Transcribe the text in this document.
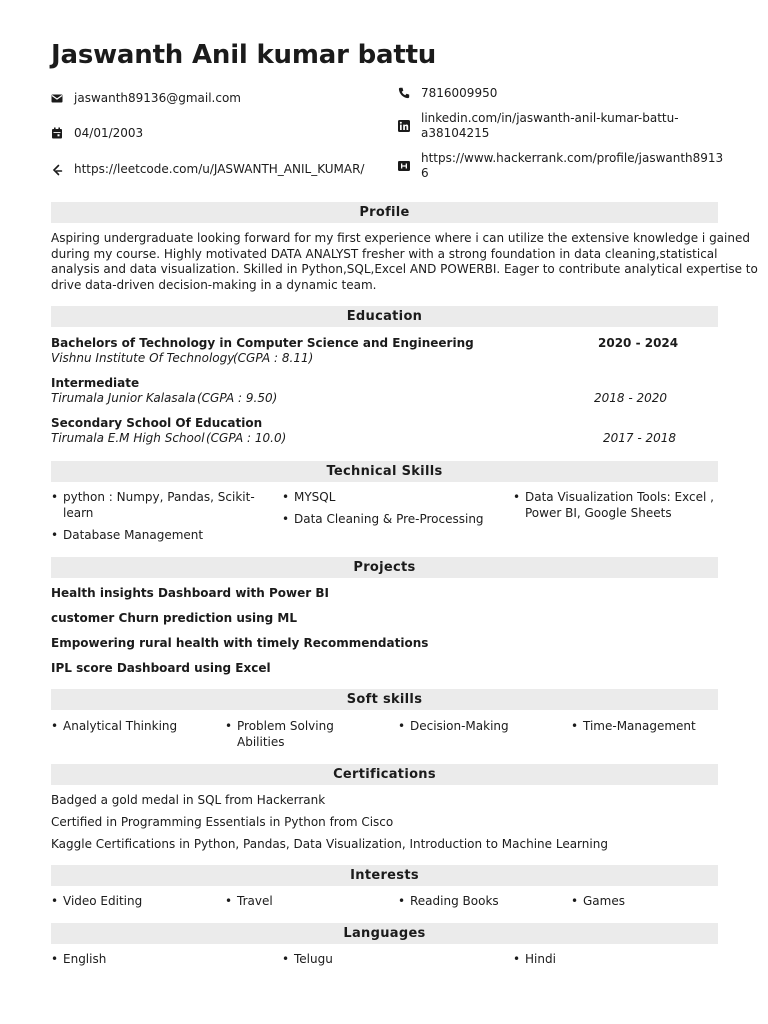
Jaswanth Anil kumar battu
jaswanth89136@gmail.com
04/01/2003
https://leetcode.com/u/JASWANTH_ANIL_KUMAR/
7816009950
linkedin.com/in/jaswanth-anil-kumar-battu-
a38104215
https://www.hackerrank.com/profile/jaswanth8913
6
Profile
Aspiring undergraduate looking forward for my first experience where i can utilize the extensive knowledge i gained
during my course. Highly motivated DATA ANALYST fresher with a strong foundation in data cleaning,statistical
analysis and data visualization. Skilled in Python,SQL,Excel AND POWERBI. Eager to contribute analytical expertise to
drive data-driven decision-making in a dynamic team.
Education
Bachelors of Technology in Computer Science and Engineering	2020 - 2024
Vishnu Institute Of Technology
(CGPA : 8.11)
Intermediate
Tirumala Junior Kalasala (CGPA : 9.50)	2018 - 2020
Secondary School Of Education
Tirumala E.M High School (CGPA : 10.0)	2017 - 2018
Technical Skills
• python : Numpy, Pandas, Scikit-
learn
• Database Management
• MYSQL
• Data Cleaning & Pre-Processing
• Data Visualization Tools: Excel ,
Power BI, Google Sheets
Projects
Health insights Dashboard with Power BI
customer Churn prediction using ML
Empowering rural health with timely Recommendations
IPL score Dashboard using Excel
Soft skills
• Analytical Thinking	• Problem Solving
Abilities
• Decision-Making	• Time-Management
Certifications
Badged a gold medal in SQL from Hackerrank
Certified in Programming Essentials in Python from Cisco
Kaggle Certifications in Python, Pandas, Data Visualization, Introduction to Machine Learning
Interests
• Video Editing	• Travel	• Reading Books	• Games
Languages
• English	• Telugu	• Hindi
